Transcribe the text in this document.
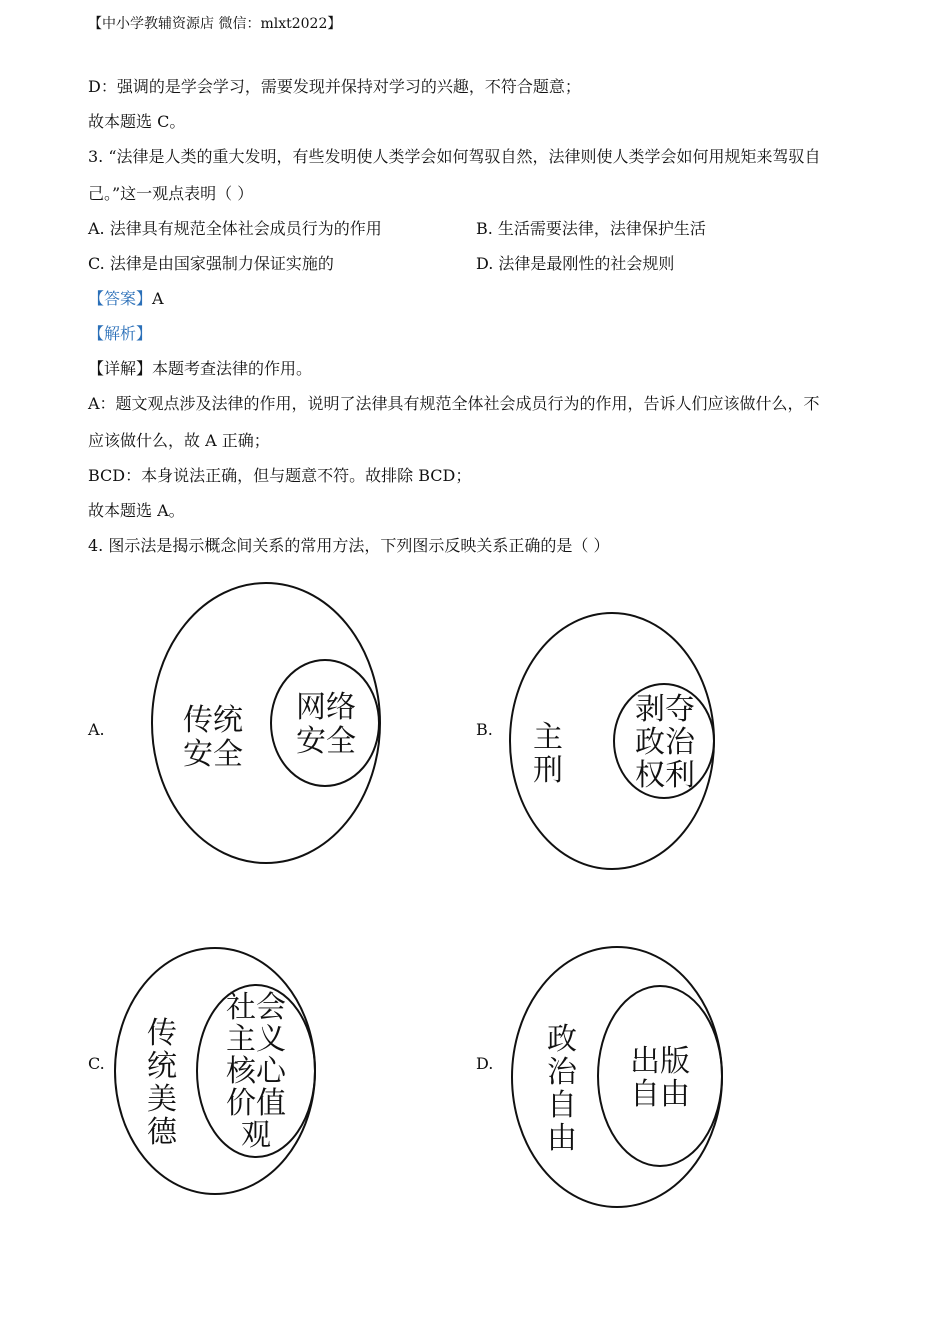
【中小学教辅资源店 微信：mlxt2022】
D：强调的是学会学习，需要发现并保持对学习的兴趣，不符合题意；
故本题选 C。
3. “法律是人类的重大发明，有些发明使人类学会如何驾驭自然，法律则使人类学会如何用规矩来驾驭自
己。”这一观点表明（ ）
A. 法律具有规范全体社会成员行为的作用	B. 生活需要法律，法律保护生活
C. 法律是由国家强制力保证实施的	D. 法律是最刚性的社会规则
【答案】A
【解析】
【详解】本题考查法律的作用。
A：题文观点涉及法律的作用，说明了法律具有规范全体社会成员行为的作用，告诉人们应该做什么，不
应该做什么，故 A 正确；
BCD：本身说法正确，但与题意不符。故排除 BCD；
故本题选 A。
4. 图示法是揭示概念间关系的常用方法，下列图示反映关系正确的是（ ）
A.	B.
C.	D.
传统
安全
网络
安全	主
刑
剥夺
政治
权利
传
统
美
德
社会
主义
核心
价值
观
政
治
自
由
出版
自由
